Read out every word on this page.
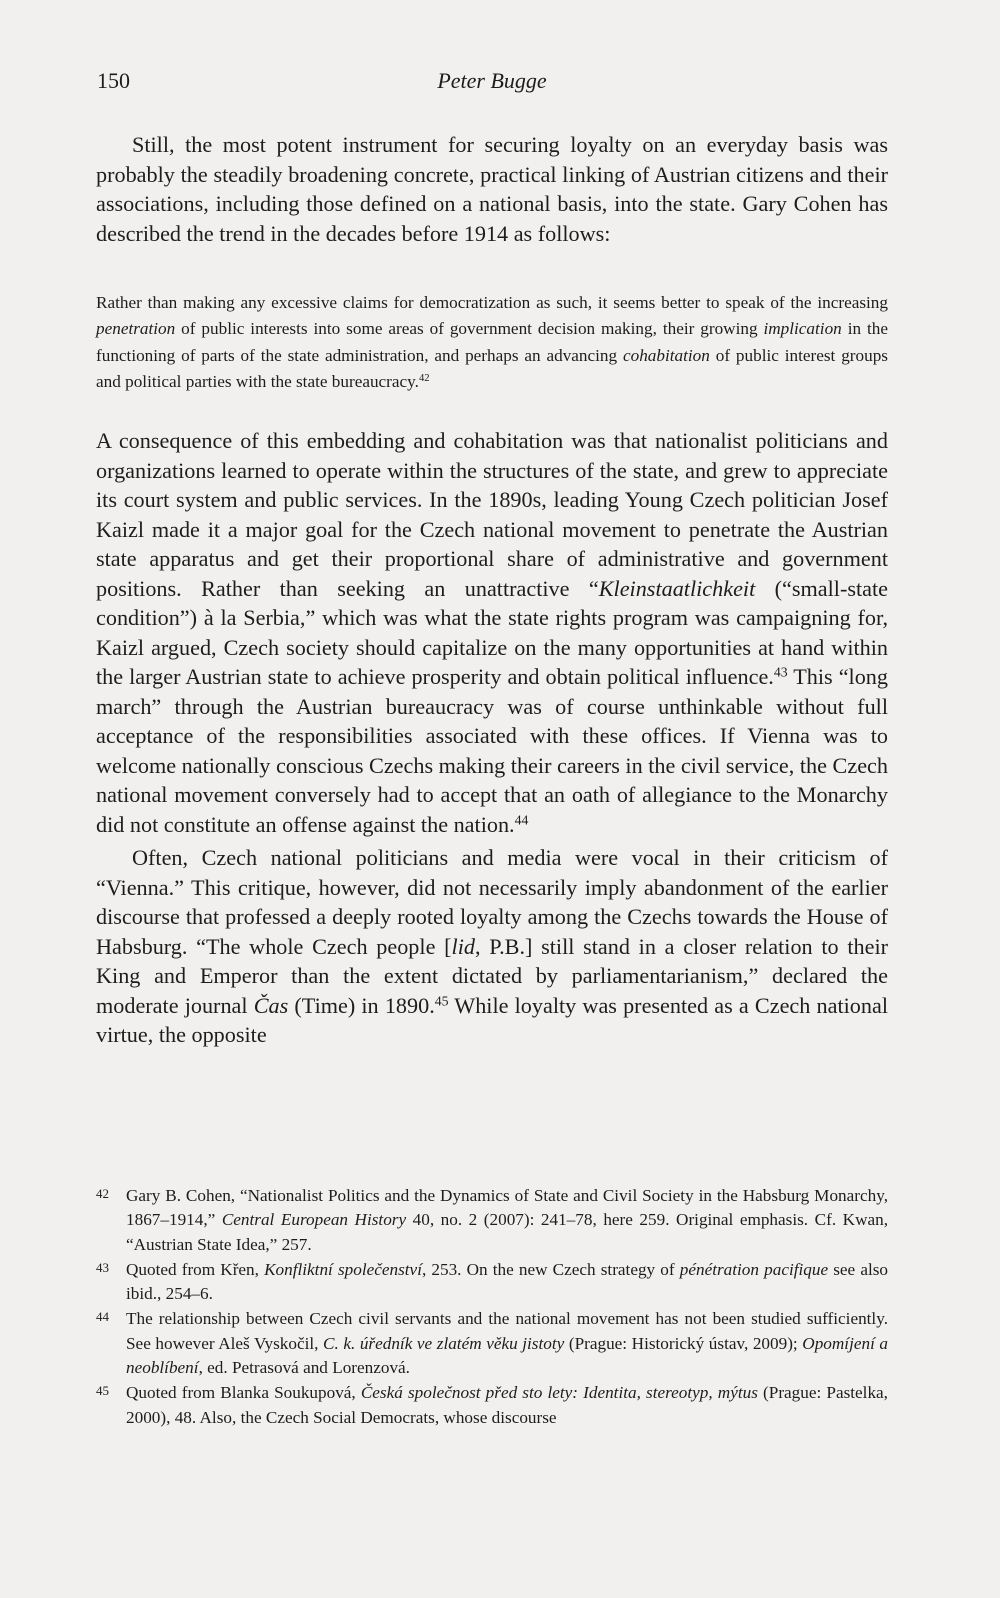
150	Peter Bugge

Still, the most potent instrument for securing loyalty on an everyday basis was probably the steadily broadening concrete, practical linking of Austrian citizens and their associations, including those defined on a national basis, into the state. Gary Cohen has described the trend in the decades before 1914 as follows:

Rather than making any excessive claims for democratization as such, it seems better to speak of the increasing penetration of public interests into some areas of government decision making, their growing implication in the functioning of parts of the state administration, and perhaps an advancing cohabitation of public interest groups and political parties with the state bureaucracy.$^{42}$

A consequence of this embedding and cohabitation was that nationalist politicians and organizations learned to operate within the structures of the state, and grew to appreciate its court system and public services. In the 1890s, leading Young Czech politician Josef Kaizl made it a major goal for the Czech national movement to penetrate the Austrian state apparatus and get their proportional share of administrative and government positions. Rather than seeking an unattractive “Kleinstaatlichkeit (“small-state condition”) à la Serbia,” which was what the state rights program was campaigning for, Kaizl argued, Czech society should capitalize on the many opportunities at hand within the larger Austrian state to achieve prosperity and obtain political influence.$^{43}$ This “long march” through the Austrian bureaucracy was of course unthinkable without full acceptance of the responsibilities associated with these offices. If Vienna was to welcome nationally conscious Czechs making their careers in the civil service, the Czech national movement conversely had to accept that an oath of allegiance to the Monarchy did not constitute an offense against the nation.$^{44}$

Often, Czech national politicians and media were vocal in their criticism of “Vienna.” This critique, however, did not necessarily imply abandonment of the earlier discourse that professed a deeply rooted loyalty among the Czechs towards the House of Habsburg. “The whole Czech people [lid, P.B.] still stand in a closer relation to their King and Emperor than the extent dictated by parliamentarianism,” declared the moderate journal Čas (Time) in 1890.45 While loyalty was presented as a Czech national virtue, the opposite

42 Gary B. Cohen, “Nationalist Politics and the Dynamics of State and Civil Society in the Habsburg Monarchy, 1867–1914,” Central European History 40, no. 2 (2007): 241–78, here 259. Original emphasis. Cf. Kwan, “Austrian State Idea,” 257.
43 Quoted from Křen, Konfliktní společenství, 253. On the new Czech strategy of pénétration pacifique see also ibid., 254–6.
44 The relationship between Czech civil servants and the national movement has not been studied sufficiently. See however Aleš Vyskočil, C. k. úředník ve zlatém věku jistoty (Prague: Historický ústav, 2009); Opomíjení a neoblíbení, ed. Petrasová and Lorenzová.
45 Quoted from Blanka Soukupová, Česká společnost před sto lety: Identita, stereotyp, mýtus (Prague: Pastelka, 2000), 48. Also, the Czech Social Democrats, whose discourse
